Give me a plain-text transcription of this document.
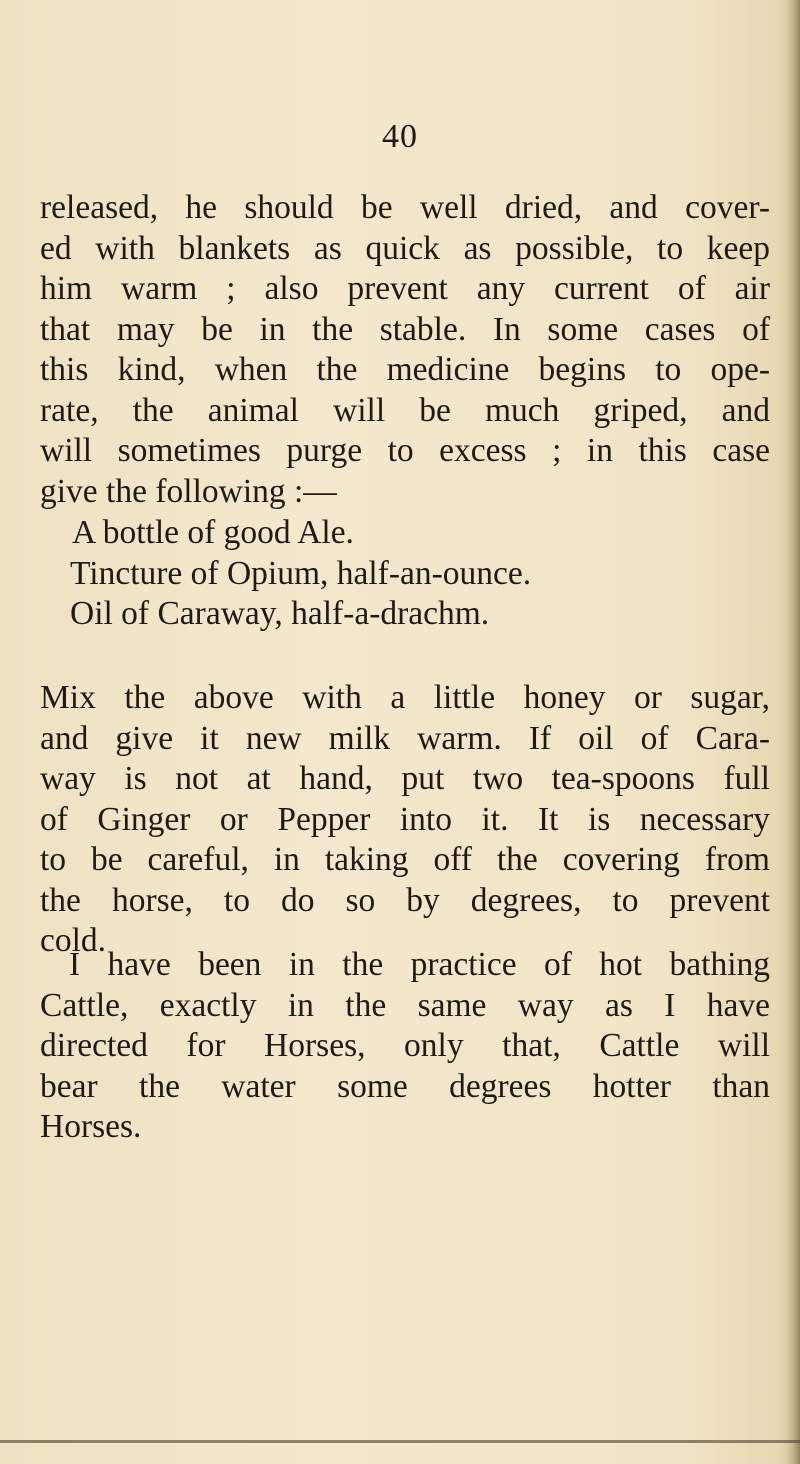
40
released, he should be well dried, and cover-
ed with blankets as quick as possible, to keep
him warm ; also prevent any current of air
that may be in the stable. In some cases of
this kind, when the medicine begins to ope-
rate, the animal will be much griped, and
will sometimes purge to excess ; in this case
give the following :—
A bottle of good Ale.
Tincture of Opium, half-an-ounce.
Oil of Caraway, half-a-drachm.
Mix the above with a little honey or sugar,
and give it new milk warm. If oil of Cara-
way is not at hand, put two tea-spoons full
of Ginger or Pepper into it. It is necessary
to be careful, in taking off the covering from
the horse, to do so by degrees, to prevent
cold.
I have been in the practice of hot bathing
Cattle, exactly in the same way as I have
directed for Horses, only that, Cattle will
bear the water some degrees hotter than
Horses.
